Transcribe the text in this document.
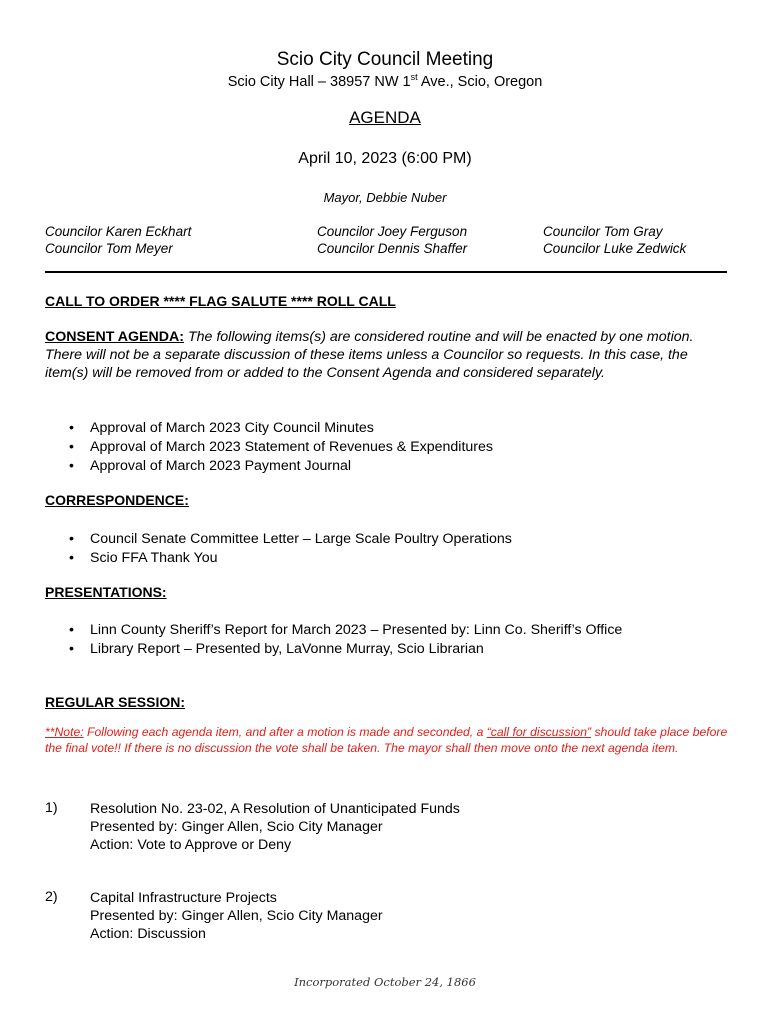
Scio City Council Meeting
Scio City Hall – 38957 NW 1st Ave., Scio, Oregon
AGENDA
April 10, 2023 (6:00 PM)
Mayor, Debbie Nuber
Councilor Karen Eckhart
Councilor Tom Meyer
Councilor Joey Ferguson
Councilor Dennis Shaffer
Councilor Tom Gray
Councilor Luke Zedwick
CALL TO ORDER **** FLAG SALUTE **** ROLL CALL
CONSENT AGENDA: The following items(s) are considered routine and will be enacted by one motion. There will not be a separate discussion of these items unless a Councilor so requests. In this case, the item(s) will be removed from or added to the Consent Agenda and considered separately.
• Approval of March 2023 City Council Minutes
• Approval of March 2023 Statement of Revenues & Expenditures
• Approval of March 2023 Payment Journal
CORRESPONDENCE:
• Council Senate Committee Letter – Large Scale Poultry Operations
• Scio FFA Thank You
PRESENTATIONS:
• Linn County Sheriff’s Report for March 2023 – Presented by: Linn Co. Sheriff’s Office
• Library Report – Presented by, LaVonne Murray, Scio Librarian
REGULAR SESSION:
**Note: Following each agenda item, and after a motion is made and seconded, a “call for discussion” should take place before the final vote!! If there is no discussion the vote shall be taken. The mayor shall then move onto the next agenda item.
1) Resolution No. 23-02, A Resolution of Unanticipated Funds
Presented by: Ginger Allen, Scio City Manager
Action: Vote to Approve or Deny
2) Capital Infrastructure Projects
Presented by: Ginger Allen, Scio City Manager
Action: Discussion
Incorporated October 24, 1866
